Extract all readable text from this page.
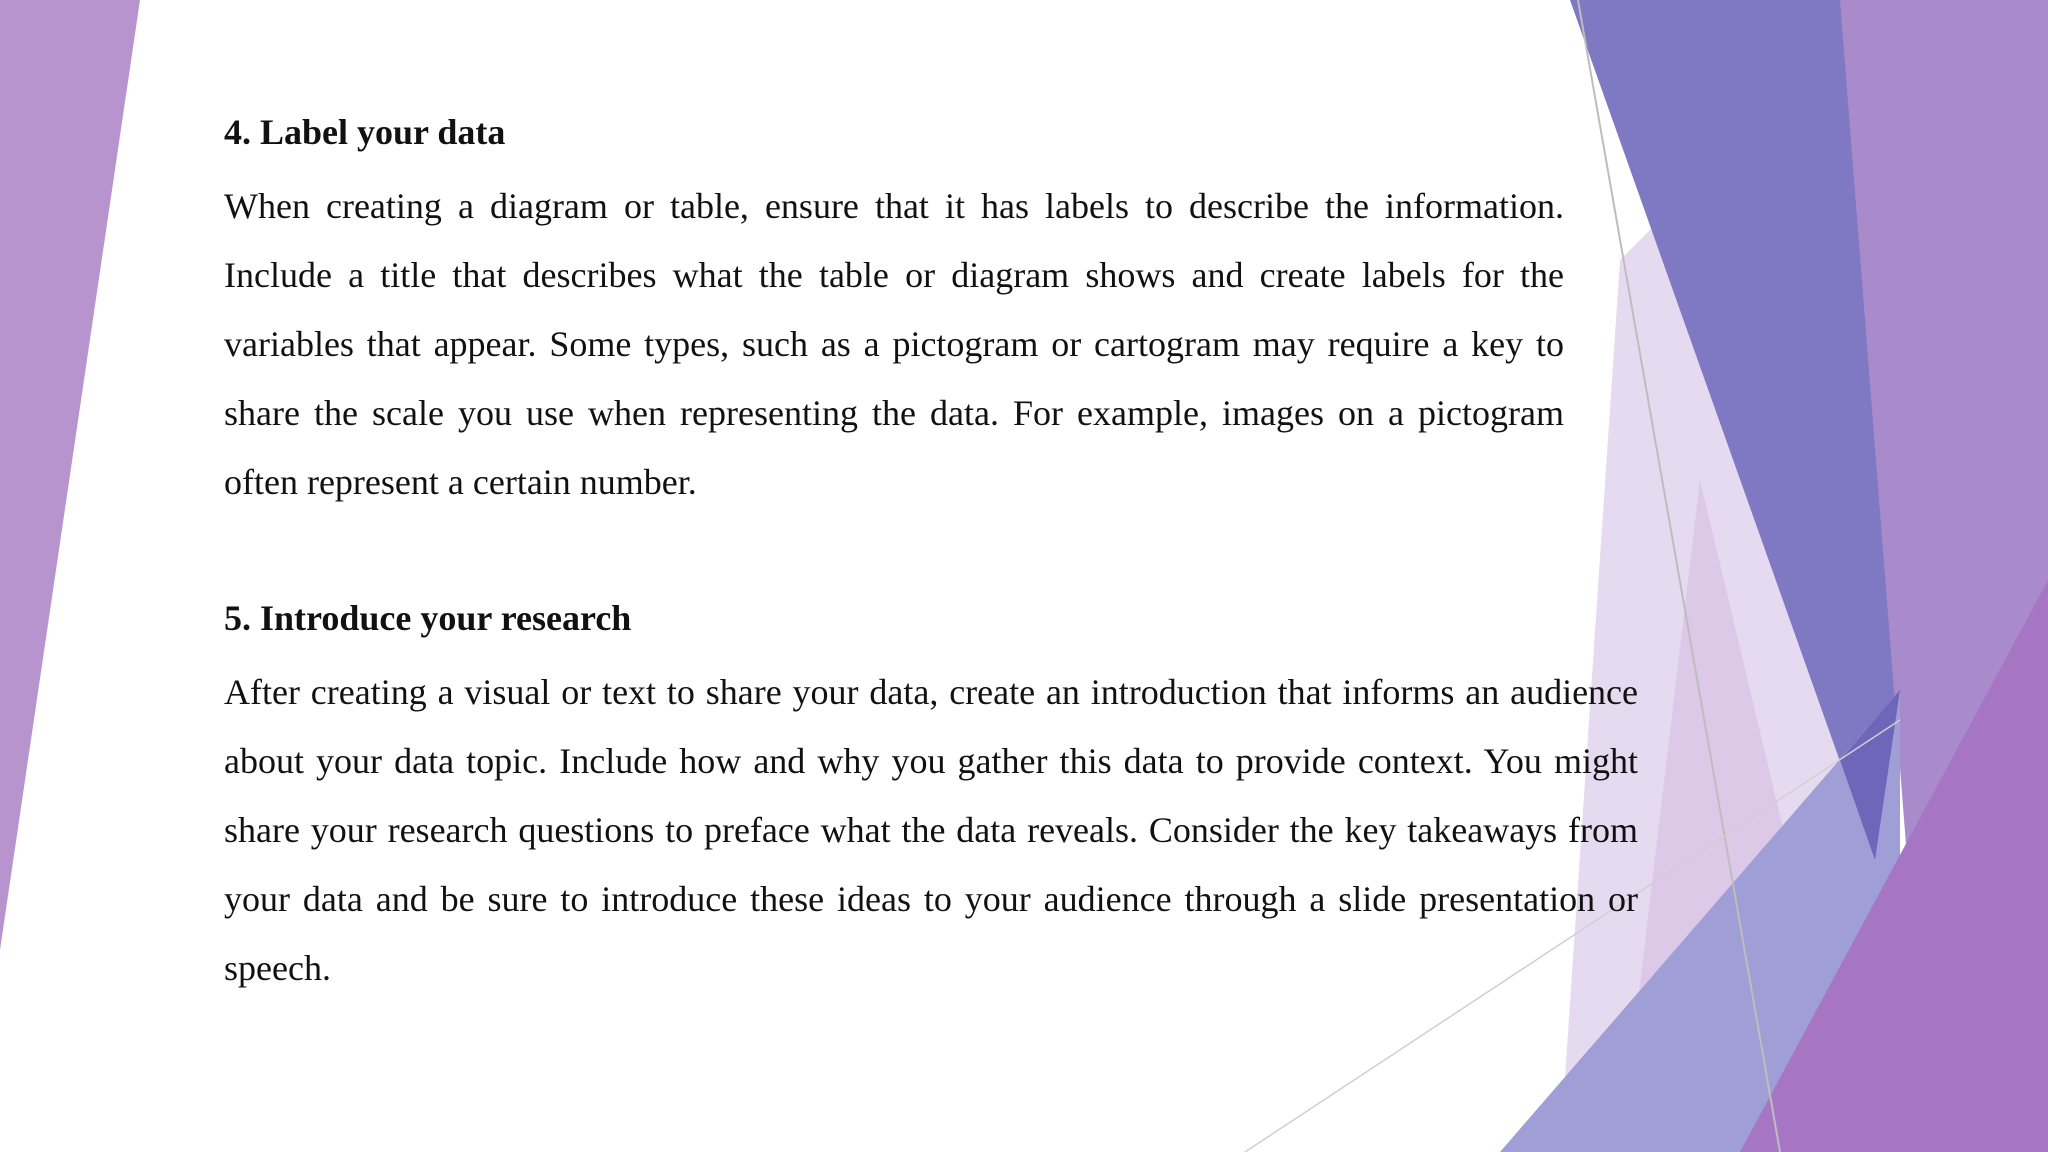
4. Label your data

When creating a diagram or table, ensure that it has labels to describe the information. Include a title that describes what the table or diagram shows and create labels for the variables that appear. Some types, such as a pictogram or cartogram may require a key to share the scale you use when representing the data. For example, images on a pictogram often represent a certain number.

5. Introduce your research

After creating a visual or text to share your data, create an introduction that informs an audience about your data topic. Include how and why you gather this data to provide context. You might share your research questions to preface what the data reveals. Consider the key takeaways from your data and be sure to introduce these ideas to your audience through a slide presentation or speech.
